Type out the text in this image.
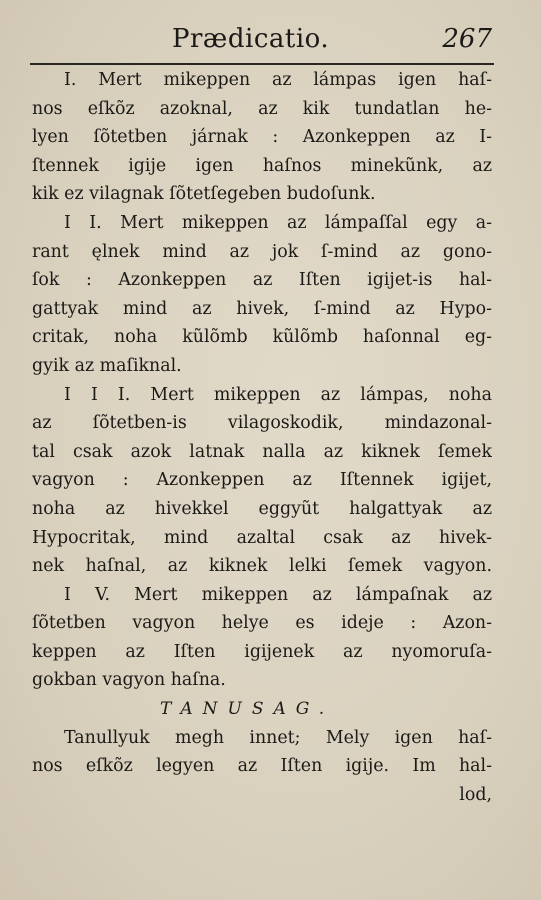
Prædicatio.	267
I. Mert mikeppen az lámpas igen haſ-
nos eſkõz azoknal, az kik tundatlan he-
lyen ſõtetben járnak : Azonkeppen az I-
ſtennek igije igen haſnos minekũnk, az
kik ez vilagnak ſõtetſegeben budoſunk.
I I. Mert mikeppen az lámpaſſal egy a-
rant ęlnek mind az jok ſ-mind az gono-
ſok : Azonkeppen az Iſten igijet-is hal-
gattyak mind az hivek, ſ-mind az Hypo-
critak, noha kũlõmb kũlõmb haſonnal eg-
gyik az maſiknal.
I I I. Mert mikeppen az lámpas, noha
az ſõtetben-is vilagoskodik, mindazonal-
tal csak azok latnak nalla az kiknek ſemek
vagyon : Azonkeppen az Iſtennek igijet,
noha az hivekkel eggyũt halgattyak az
Hypocritak, mind azaltal csak az hivek-
nek haſnal, az kiknek lelki ſemek vagyon.
I V. Mert mikeppen az lámpaſnak az
ſõtetben vagyon helye es ideje : Azon-
keppen az Iſten igijenek az nyomoruſa-
gokban vagyon haſna.
TANUSAG.
Tanullyuk megh innet; Mely igen haſ-
nos eſkõz legyen az Iſten igije. Im hal-
lod,
